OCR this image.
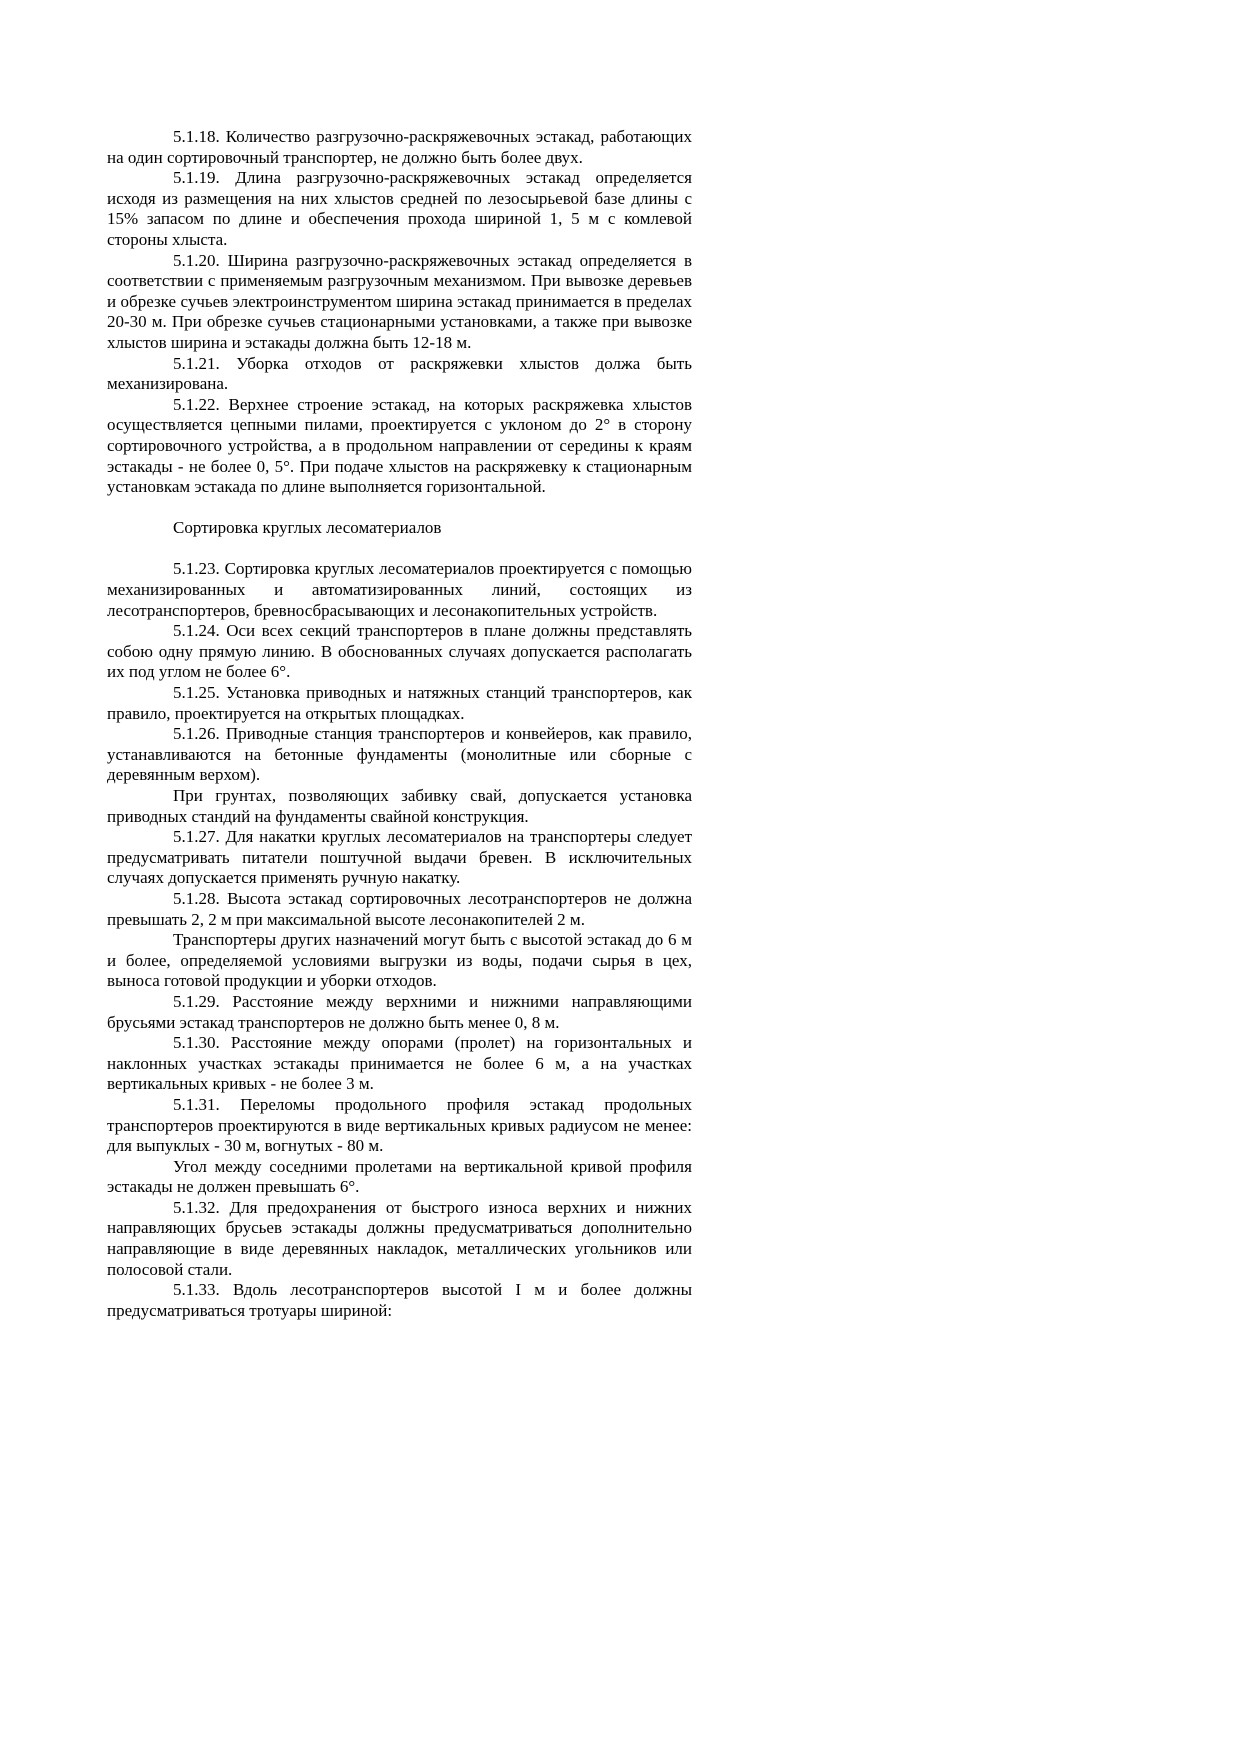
5.1.18. Количество разгрузочно-раскряжевочных эстакад, работающих на один сортировочный транспортер, не должно быть более двух.

5.1.19. Длина разгрузочно-раскряжевочных эстакад определяется исходя из размещения на них хлыстов средней по лезосырьевой базе длины с 15% запасом по длине и обеспечения прохода шириной 1, 5 м с комлевой стороны хлыста.

5.1.20. Ширина разгрузочно-раскряжевочных эстакад определяется в соответствии с применяемым разгрузочным механизмом. При вывозке деревьев и обрезке сучьев электроинструментом ширина эстакад принимается в пределах 20-30 м. При обрезке сучьев стационарными установками, а также при вывозке хлыстов ширина и эстакады должна быть 12-18 м.

5.1.21. Уборка отходов от раскряжевки хлыстов должа быть механизирована.

5.1.22. Верхнее строение эстакад, на которых раскряжевка хлыстов осуществляется цепными пилами, проектируется с уклоном до 2° в сторону сортировочного устройства, а в продольном направлении от середины к краям эстакады - не более 0, 5°. При подаче хлыстов на раскряжевку к стационарным установкам эстакада по длине выполняется горизонтальной.

Сортировка круглых лесоматериалов

5.1.23. Сортировка круглых лесоматериалов проектируется с помощью механизированных и автоматизированных линий, состоящих из лесотранспортеров, бревносбрасывающих и лесонакопительных устройств.

5.1.24. Оси всех секций транспортеров в плане должны представлять собою одну прямую линию. В обоснованных случаях допускается располагать их под углом не более 6°.

5.1.25. Установка приводных и натяжных станций транспортеров, как правило, проектируется на открытых площадках.

5.1.26. Приводные станция транспортеров и конвейеров, как правило, устанавливаются на бетонные фундаменты (монолитные или сборные с деревянным верхом).

При грунтах, позволяющих забивку свай, допускается установка приводных стандий на фундаменты свайной конструкция.

5.1.27. Для накатки круглых лесоматериалов на транспортеры следует предусматривать питатели поштучной выдачи бревен. В исключительных случаях допускается применять ручную накатку.

5.1.28. Высота эстакад сортировочных лесотранспортеров не должна превышать 2, 2 м при максимальной высоте лесонакопителей 2 м.

Транспортеры других назначений могут быть с высотой эстакад до 6 м и более, определяемой условиями выгрузки из воды, подачи сырья в цех, выноса готовой продукции и уборки отходов.

5.1.29. Расстояние между верхними и нижними направляющими брусьями эстакад транспортеров не должно быть менее 0, 8 м.

5.1.30. Расстояние между опорами (пролет) на горизонтальных и наклонных участках эстакады принимается не более 6 м, а на участках вертикальных кривых - не более 3 м.

5.1.31. Переломы продольного профиля эстакад продольных транспортеров проектируются в виде вертикальных кривых радиусом не менее: для выпуклых - 30 м, вогнутых - 80 м.

Угол между соседними пролетами на вертикальной кривой профиля эстакады не должен превышать 6°.

5.1.32. Для предохранения от быстрого износа верхних и нижних направляющих брусьев эстакады должны предусматриваться дополнительно направляющие в виде деревянных накладок, металлических угольников или полосовой стали.

5.1.33. Вдоль лесотранспортеров высотой I м и более должны предусматриваться тротуары шириной:
